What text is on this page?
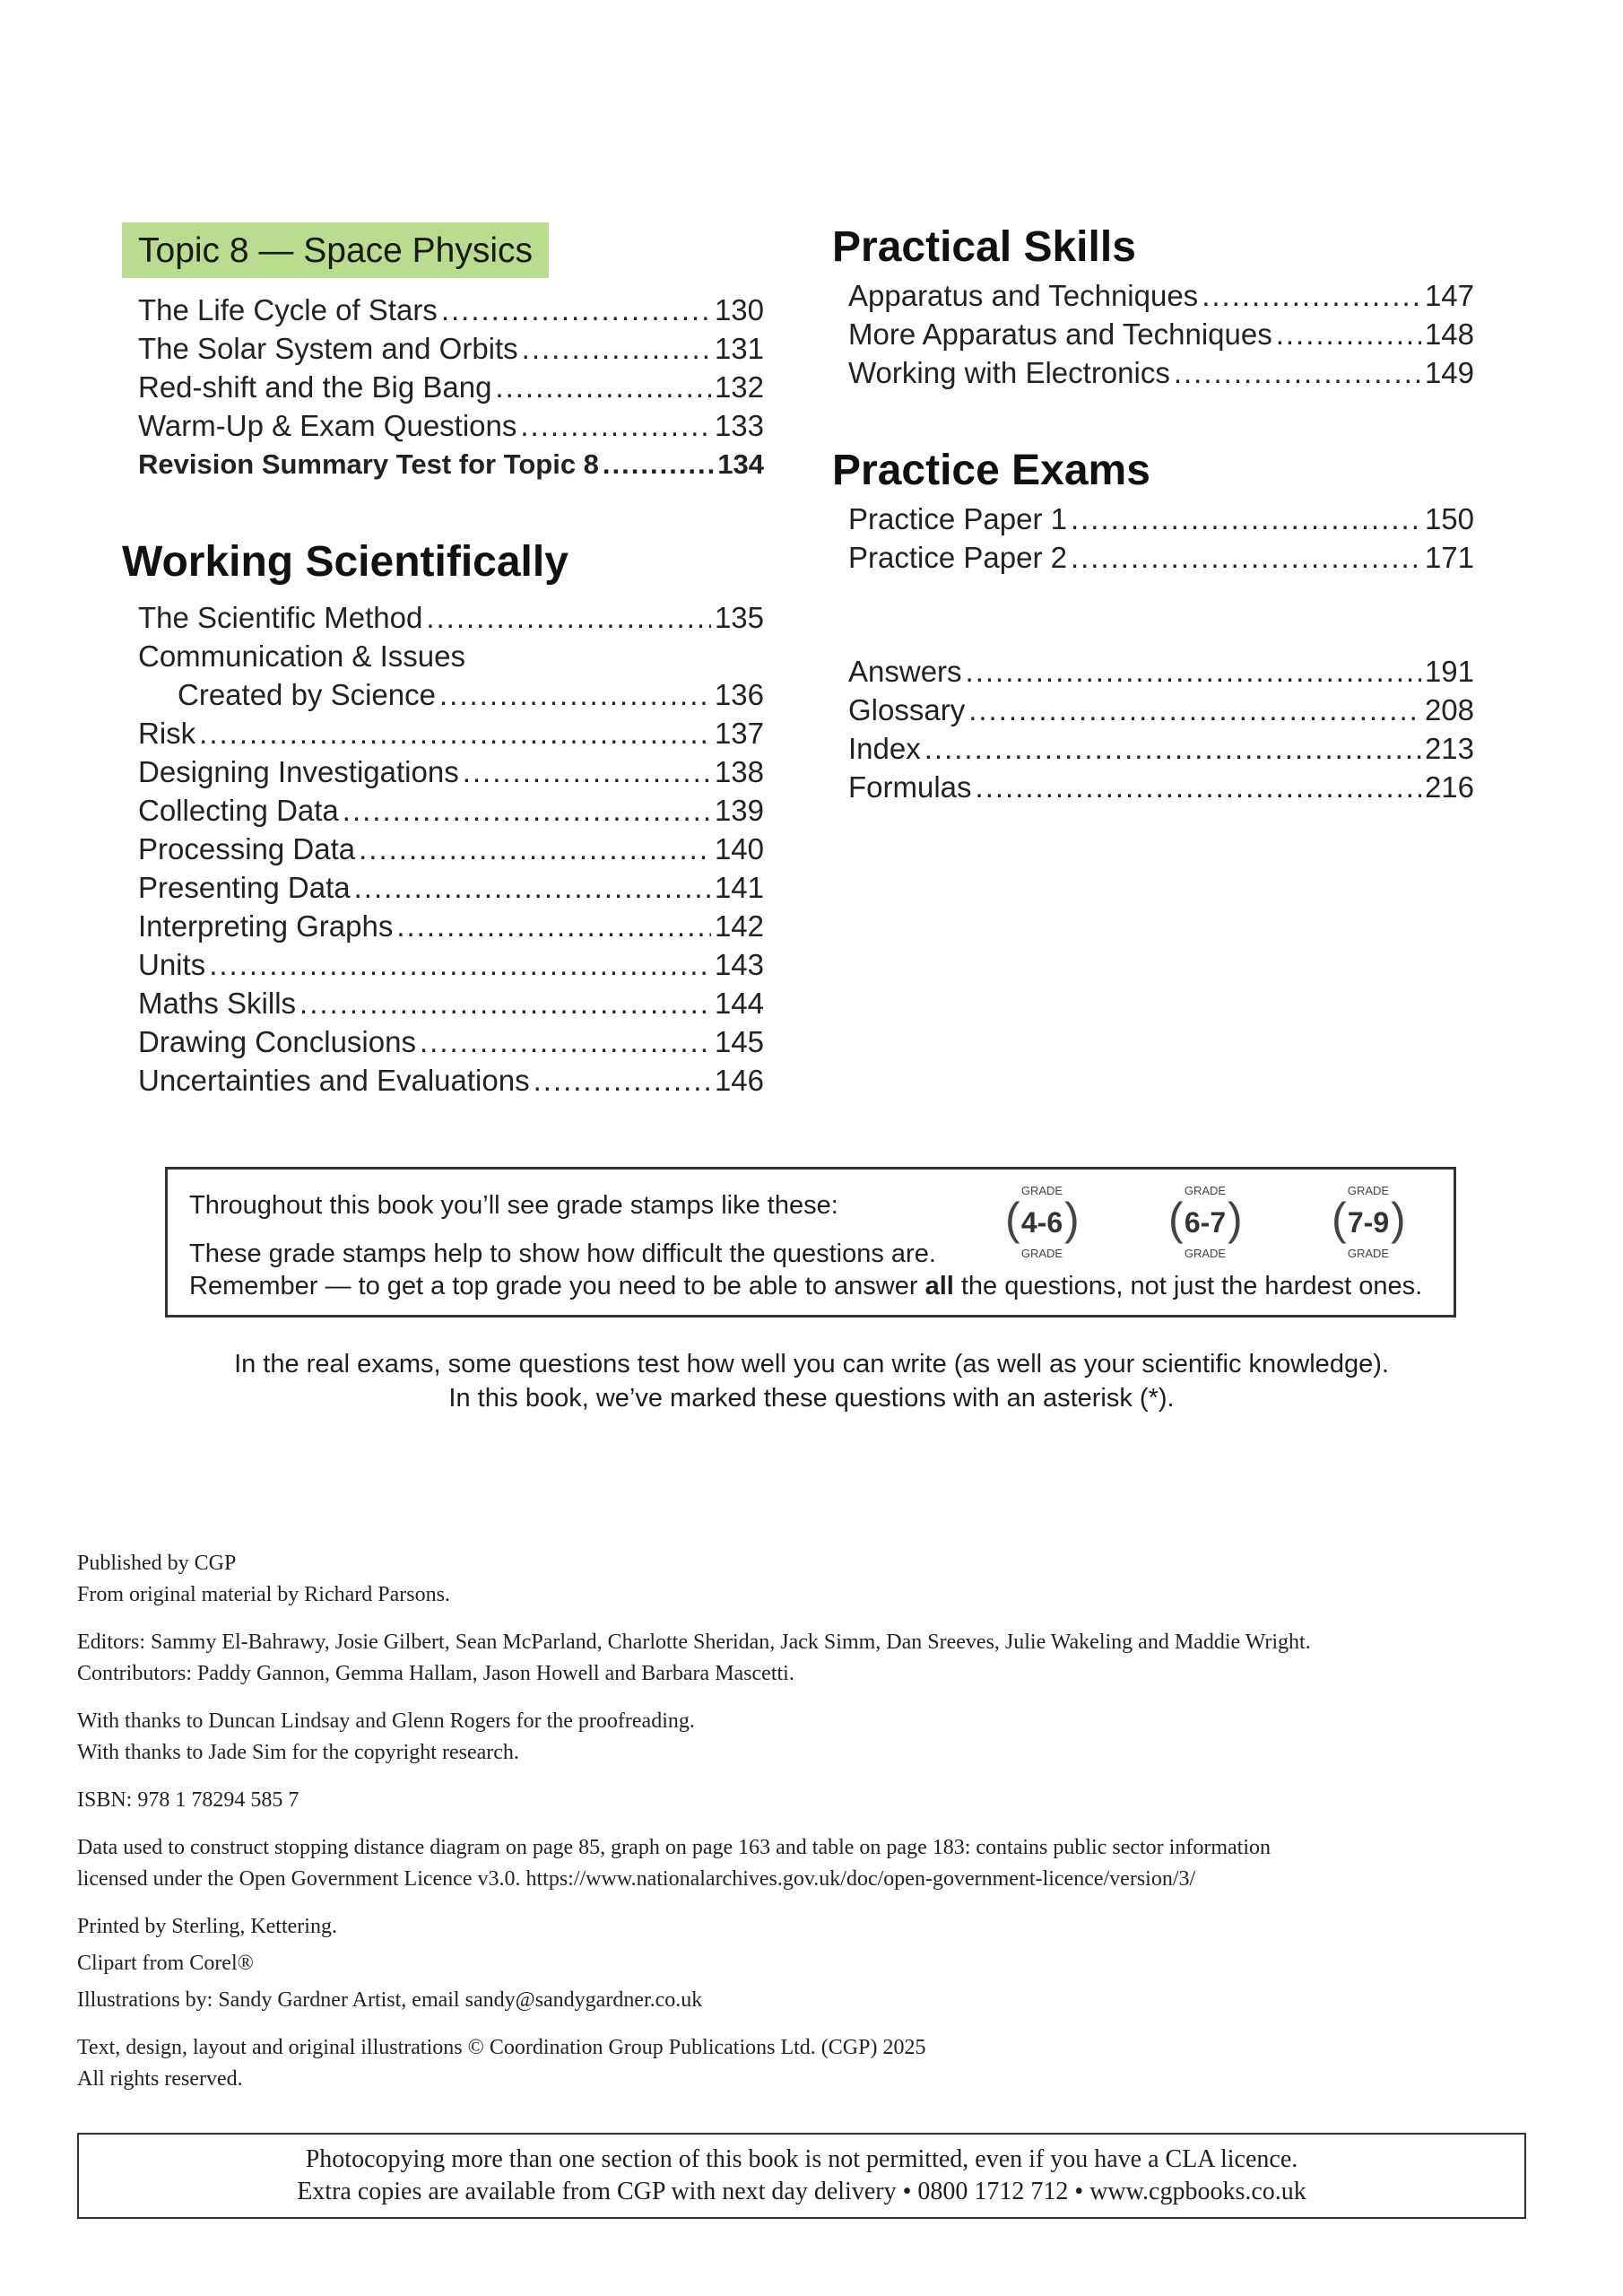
Topic 8 — Space Physics
The Life Cycle of Stars .....	130
The Solar System and Orbits .....	131
Red-shift and the Big Bang .....	132
Warm-Up & Exam Questions .....	133
Revision Summary Test for Topic 8 .....	134
Working Scientifically
The Scientific Method .....	135
Communication & Issues
Created by Science .....	136
Risk .....	137
Designing Investigations .....	138
Collecting Data .....	139
Processing Data .....	140
Presenting Data .....	141
Interpreting Graphs .....	142
Units .....	143
Maths Skills .....	144
Drawing Conclusions .....	145
Uncertainties and Evaluations .....	146
Practical Skills
Apparatus and Techniques .....	147
More Apparatus and Techniques .....	148
Working with Electronics .....	149
Practice Exams
Practice Paper 1 .....	150
Practice Paper 2 .....	171
Answers .....	191
Glossary .....	208
Index .....	213
Formulas .....	216
Throughout this book you’ll see grade stamps like these:
These grade stamps help to show how difficult the questions are.
Remember — to get a top grade you need to be able to answer all the questions, not just the hardest ones.
GRADE
( 4-6 )
GRADE
GRADE
( 6-7 )
GRADE
GRADE
( 7-9 )
GRADE
In the real exams, some questions test how well you can write (as well as your scientific knowledge).
In this book, we’ve marked these questions with an asterisk (*).

Published by CGP

From original material by Richard Parsons.

Editors: Sammy El-Bahrawy, Josie Gilbert, Sean McParland, Charlotte Sheridan, Jack Simm, Dan Sreeves, Julie Wakeling and Maddie Wright.

Contributors: Paddy Gannon, Gemma Hallam, Jason Howell and Barbara Mascetti.

With thanks to Duncan Lindsay and Glenn Rogers for the proofreading.

With thanks to Jade Sim for the copyright research.

ISBN: 978 1 78294 585 7

Data used to construct stopping distance diagram on page 85, graph on page 163 and table on page 183: contains public sector information

licensed under the Open Government Licence v3.0. https://www.nationalarchives.gov.uk/doc/open-government-licence/version/3/

Printed by Sterling, Kettering.

Clipart from Corel®

Illustrations by: Sandy Gardner Artist, email sandy@sandygardner.co.uk

Text, design, layout and original illustrations © Coordination Group Publications Ltd. (CGP) 2025

All rights reserved.

Photocopying more than one section of this book is not permitted, even if you have a CLA licence.
Extra copies are available from CGP with next day delivery • 0800 1712 712 • www.cgpbooks.co.uk
